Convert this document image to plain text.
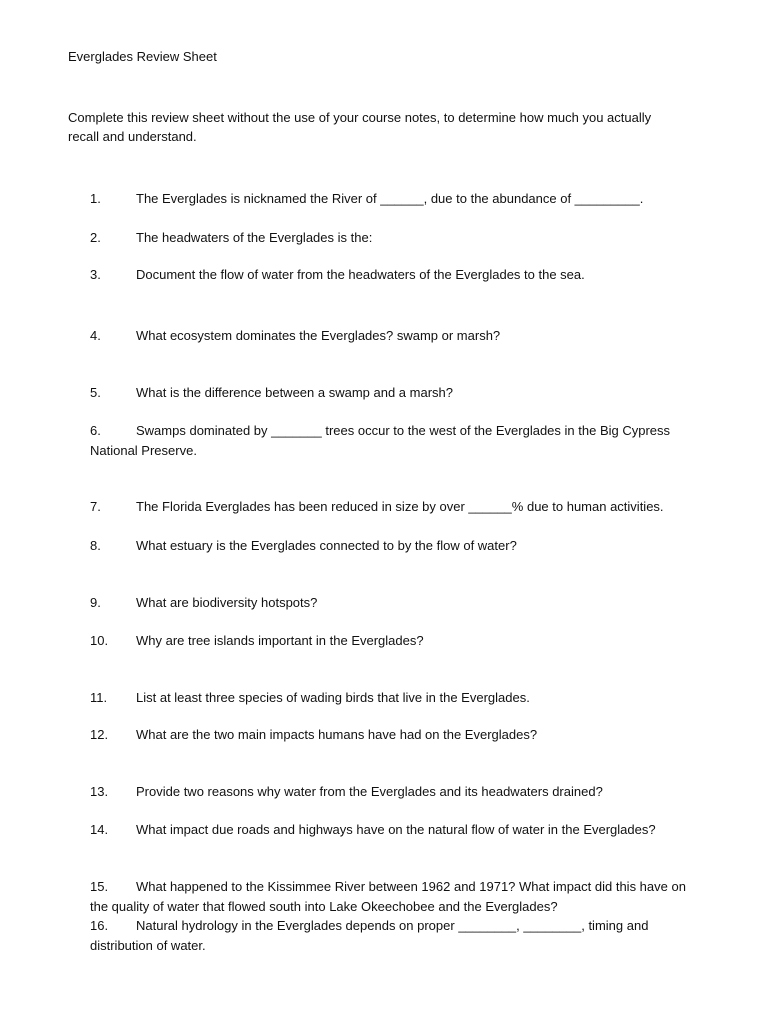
Everglades Review Sheet
Complete this review sheet without the use of your course notes, to determine how much you actually
recall and understand.
1.	The Everglades is nicknamed the River of ______, due to the abundance of _________.
2.	The headwaters of the Everglades is the:
3.	Document the flow of water from the headwaters of the Everglades to the sea.
4.	What ecosystem dominates the Everglades? swamp or marsh?
5.	What is the difference between a swamp and a marsh?
6.	Swamps dominated by _______ trees occur to the west of the Everglades in the Big Cypress
National Preserve.
7.	The Florida Everglades has been reduced in size by over ______% due to human activities.
8.	What estuary is the Everglades connected to by the flow of water?
9.	What are biodiversity hotspots?
10. Why are tree islands important in the Everglades?
11. List at least three species of wading birds that live in the Everglades.
12. What are the two main impacts humans have had on the Everglades?
13. Provide two reasons why water from the Everglades and its headwaters drained?
14. What impact due roads and highways have on the natural flow of water in the Everglades?
15. What happened to the Kissimmee River between 1962 and 1971? What impact did this have on
the quality of water that flowed south into Lake Okeechobee and the Everglades?
16. Natural hydrology in the Everglades depends on proper ________, ________, timing and
distribution of water.
